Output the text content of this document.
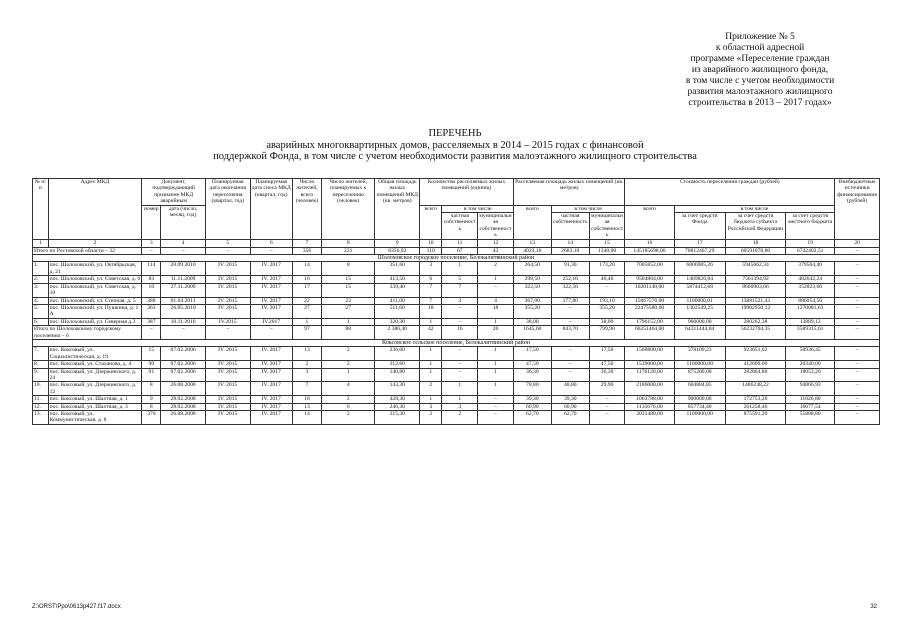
Приложение № 5
к областной адресной
программе «Переселение граждан
из аварийного жилищного фонда,
в том числе с учетом необходимости
развития малоэтажного жилищного
строительства в 2013 – 2017 годах»
ПЕРЕЧЕНЬ
аварийных многоквартирных домов, расселяемых в 2014 – 2015 годах с финансовой
поддержкой Фонда, в том числе с учетом необходимости развития малоэтажного жилищного строительства
№ п/п	Адрес МКД	Документ, подтверждающий признание МКД аварийным		Планируемая дата окончания переселения (квартал, год)	Планируемая дата сноса МКД (квартал, год)	Число жителей, всего (человек)	Число жителей, планируемых к переселению (человек)	Общая площадь жилых помещений МКД (кв. метров)	Количество расселяемых жилых помещений (единиц)			Расселяемая площадь жилых помещений (кв. метров)			Стоимость переселения граждан (рублей)				Внебюджетные источники финансирования (рублей)
		номер	дата (число, месяц, год)						всего	в том числе		всего	в том числе		всего	в том числе			
										частная собственность	муниципальная собственность		частная собственность	муниципальная собственность		за счет средств Фонда	за счет средств бюджета субъекта Российской Федерации	за счет средств местного бюджета	
1	2	3	4	5	6	7	8	9	10	11	12	13	14	15	16	17	18	19	20
Итого по Ростовской области – 32		–	–	–	–	356	221	8356,92	110	67	43	4023,10	2683,10	1340,00	145185698,00	78812467,29	60591078,80	6742402,51	–
Шолоховское городское поселение, Белокалитвинский район																			
1.	пос. Шолоховский, ул. Октябрьская, д. 21	114	20.09.2010	IV. 2015	IV. 2017	14	8	351,60	3	1	2	264,50	91,30	173,20	7005852,00	6806985,26	5945662,34	379504,40	–
2.	пос. Шолоховский, ул. Советская, д. 6	83	11.11.2009	IV. 2015	IV. 2017	16	15	413,50	6	5	1	298,50	252,10	46,40	9504864,00	1469826,84	7561394,92	482642,24	–
3.	пос. Шолоховский, ул. Советская, д. 10	10	27.11.2009	IV. 2015	IV. 2017	17	15	339,40	7	7	–	322,50	322,50	–	10201140,00	5874412,68	8660903,66	352823,66	–
4.	пос. Шолоховский, ул. Степная, д. 5	388	01.04.2011	IV. 2015	IV. 2017	22	22	411,00	7	3	4	367,00	177,80	193,10	15867576,00	1100000,01	13881521,43	886054,56	–
5.	пос. Шолоховский, ул. Пушкина, д. 1 А	363	26.05.2010	IV. 2015	IV. 2017	27	27	511,60	18	–	18	355,20	–	355,20	22475580,00	1302549,25	19902950,12	1270081,63	–
6.	пос. Шолоховский, ул. Северная д.3	387	10.11.2010	IV.2015	IV.2017	1	1	320,30	1	–	1	38,00	–	38,00	1796152,00	900000,00	280262,38	13889,12	–
Итого по Шолоховскому городскому поселению – 6		–	–	–	–	97	88	2 386,40	42	16	26	1645,60	843,70	799,90	66251464,00	64311444,04	56232704,35	3589315,61	–
Коксовское сельское поселение, Белокалитвинский район																			
7.	пос. Коксовый, ул. Социалистическая, д. 19	15	07.02.2006	IV. 2015	IV. 2017	13	2	236,00	1	–	1	17,50	–	17,50	1560800,00	378109,23	923651,02	58936,45	–
8.	пос. Коксовый, ул. Стаханова, д. 4	90	07.02.2006	IV. 2015	IV. 2017	2	2	312,60	1	–	1	47,50	–	47,50	1539000,00	1100000,00	412600,00	26340,00	–
9.	пос. Коксовый, ул. Дзержинского, д. 24	91	07.02.2006	IV. 2015	IV. 2017	3	1	140,80	1	–	1	36,30	–	36,30	1176120,00	875200,00	282864,80	18053,20	–
10.	пос. Коксовый, ул. Дзержинского, д. 12	8	26.08.2008	IV. 2015	IV. 2017	7	4	143,30	2	1	1	78,80	48,80	29,90	2186000,00	604884,85	1486248,22	94866,93	–
11.	пос. Коксовый, ул. Шахтная, д. 1	9	28.02.2008	IV. 2015	IV. 2017	18	2	428,30	1	1	–	39,30	39,30	–	1063788,00	900000,00	172753,20	11026,80	–
12.	пос. Коксовый, ул. Шахтная, д. 3	8	28.02.2008	IV. 2015	IV. 2017	13	6	246,30	3	3	–	60,90	60,90	–	1135676,00	857734,40	261258,46	16677,54	–
13.	пос. Коксовый, ул. Коммунистическая, д. 8	370	26.08.2008	IV. 2015	IV. 2017	14	2	315,30	2	2	–	62,70	62,70	–	2031480,00	1100000,00	875591,20	55888,80	–
Z:\ORST\Ppo\0613p427.f17.docx	32
